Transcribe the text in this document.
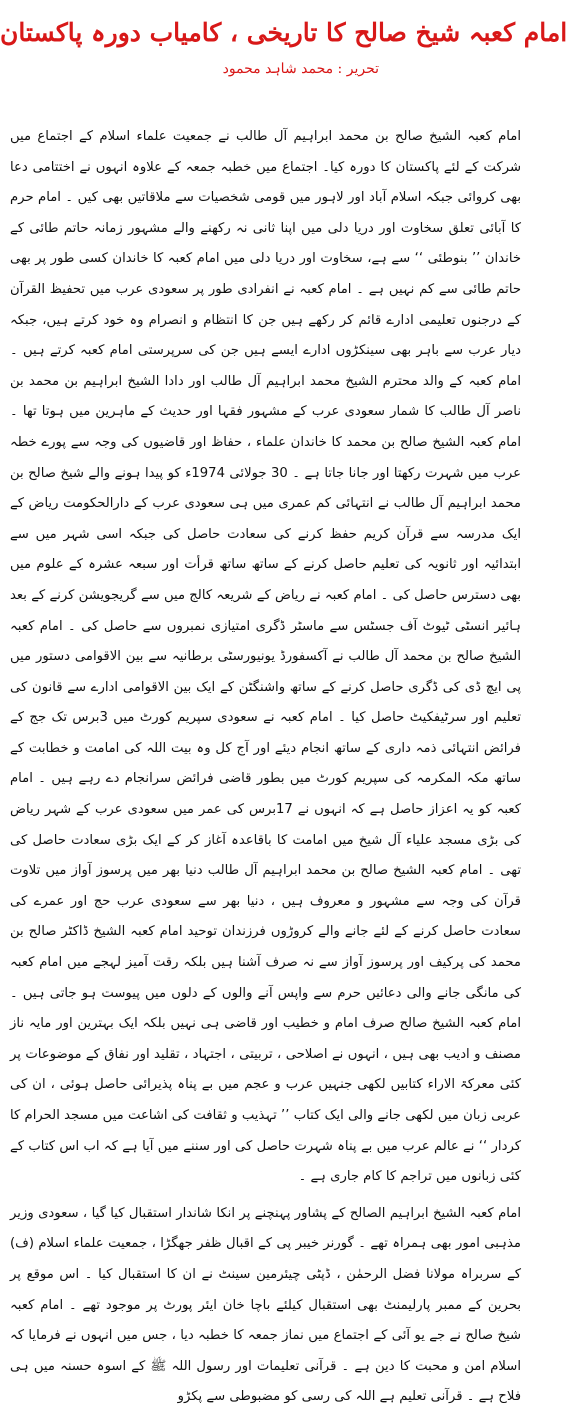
امام کعبہ شیخ صالح کا تاریخی ، کامیاب دورہ پاکستان
تحریر : محمد شاہد محمود

امام کعبہ الشیخ صالح بن محمد ابراہیم آل طالب نے جمعیت علماء اسلام کے اجتماع میں شرکت کے لئے پاکستان کا دورہ کیا۔ اجتماع میں خطبہ جمعہ کے علاوہ انہوں نے اختتامی دعا بھی کروائی جبکہ اسلام آباد اور لاہور میں قومی شخصیات سے ملاقاتیں بھی کیں ۔ امام حرم کا آبائی تعلق سخاوت اور دریا دلی میں اپنا ثانی نہ رکھنے والے مشہور زمانہ حاتم طائی کے خاندان ’’ بنوطئی ‘‘ سے ہے، سخاوت اور دریا دلی میں امام کعبہ کا خاندان کسی طور پر بھی حاتم طائی سے کم نہیں ہے ۔ امام کعبہ نے انفرادی طور پر سعودی عرب میں تحفیظ القرآن کے درجنوں تعلیمی ادارے قائم کر رکھے ہیں جن کا انتظام و انصرام وہ خود کرتے ہیں، جبکہ دیار عرب سے باہر بھی سینکڑوں ادارے ایسے ہیں جن کی سرپرستی امام کعبہ کرتے ہیں ۔ امام کعبہ کے والد محترم الشیخ محمد ابراہیم آل طالب اور دادا الشیخ ابراہیم بن محمد بن ناصر آل طالب کا شمار سعودی عرب کے مشہور فقہا اور حدیث کے ماہرین میں ہوتا تھا ۔ امام کعبہ الشیخ صالح بن محمد کا خاندان علماء ، حفاظ اور قاضیوں کی وجہ سے پورے خطہ عرب میں شہرت رکھتا اور جانا جاتا ہے ۔ 30 جولائی 1974ء کو پیدا ہونے والے شیخ صالح بن محمد ابراہیم آل طالب نے انتہائی کم عمری میں ہی سعودی عرب کے دارالحکومت ریاض کے ایک مدرسہ سے قرآن کریم حفظ کرنے کی سعادت حاصل کی جبکہ اسی شہر میں سے ابتدائیہ اور ثانویہ کی تعلیم حاصل کرنے کے ساتھ ساتھ قرأت اور سبعہ عشرہ کے علوم میں بھی دسترس حاصل کی ۔ امام کعبہ نے ریاض کے شریعہ کالج میں سے گریجویشن کرنے کے بعد ہائیر انسٹی ٹیوٹ آف جسٹس سے ماسٹر ڈگری امتیازی نمبروں سے حاصل کی ۔ امام کعبہ الشیخ صالح بن محمد آل طالب نے آکسفورڈ یونیورسٹی برطانیہ سے بین الاقوامی دستور میں پی ایچ ڈی کی ڈگری حاصل کرنے کے ساتھ واشنگٹن کے ایک بین الاقوامی ادارے سے قانون کی تعلیم اور سرٹیفکیٹ حاصل کیا ۔ امام کعبہ نے سعودی سپریم کورٹ میں 3برس تک جج کے فرائض انتہائی ذمہ داری کے ساتھ انجام دیئے اور آج کل وہ بیت اللہ کی امامت و خطابت کے ساتھ مکہ المکرمہ کی سپریم کورٹ میں بطور قاضی فرائض سرانجام دے رہے ہیں ۔ امام کعبہ کو یہ اعزاز حاصل ہے کہ انہوں نے 17برس کی عمر میں سعودی عرب کے شہر ریاض کی بڑی مسجد علیاء آل شیخ میں امامت کا باقاعدہ آغاز کر کے ایک بڑی سعادت حاصل کی تھی ۔ امام کعبہ الشیخ صالح بن محمد ابراہیم آل طالب دنیا بھر میں پرسوز آواز میں تلاوت قرآن کی وجہ سے مشہور و معروف ہیں ، دنیا بھر سے سعودی عرب حج اور عمرے کی سعادت حاصل کرنے کے لئے جانے والے کروڑوں فرزندان توحید امام کعبہ الشیخ ڈاکٹر صالح بن محمد کی پرکیف اور پرسوز آواز سے نہ صرف آشنا ہیں بلکہ رقت آمیز لہجے میں امام کعبہ کی مانگی جانے والی دعائیں حرم سے واپس آنے والوں کے دلوں میں پیوست ہو جاتی ہیں ۔ امام کعبہ الشیخ صالح صرف امام و خطیب اور قاضی ہی نہیں بلکہ ایک بہترین اور مایہ ناز مصنف و ادیب بھی ہیں ، انہوں نے اصلاحی ، تربیتی ، اجتہاد ، تقلید اور نفاق کے موضوعات پر کئی معرکۃ الاراء کتابیں لکھی جنہیں عرب و عجم میں بے پناہ پذیرائی حاصل ہوئی ، ان کی عربی زبان میں لکھی جانے والی ایک کتاب ’’ تہذیب و ثقافت کی اشاعت میں مسجد الحرام کا کردار ‘‘ نے عالم عرب میں بے پناہ شہرت حاصل کی اور سننے میں آیا ہے کہ اب اس کتاب کے کئی زبانوں میں تراجم کا کام جاری ہے ۔

امام کعبہ الشیخ ابراہیم الصالح کے پشاور پہنچنے پر انکا شاندار استقبال کیا گیا ، سعودی وزیر مذہبی امور بھی ہمراہ تھے ۔ گورنر خیبر پی کے اقبال ظفر جھگڑا ، جمعیت علماء اسلام (ف) کے سربراہ مولانا فضل الرحمٰن ، ڈپٹی چیئرمین سینٹ نے ان کا استقبال کیا ۔ اس موقع پر بحرین کے ممبر پارلیمنٹ بھی استقبال کیلئے باچا خان ایئر پورٹ پر موجود تھے ۔ امام کعبہ شیخ صالح نے جے یو آئی کے اجتماع میں نماز جمعہ کا خطبہ دیا ، جس میں انہوں نے فرمایا کہ اسلام امن و محبت کا دین ہے ۔ قرآنی تعلیمات اور رسول اللہ ﷺ کے اسوہ حسنہ میں ہی فلاح ہے ۔ قرآنی تعلیم ہے اللہ کی رسی کو مضبوطی سے پکڑو
